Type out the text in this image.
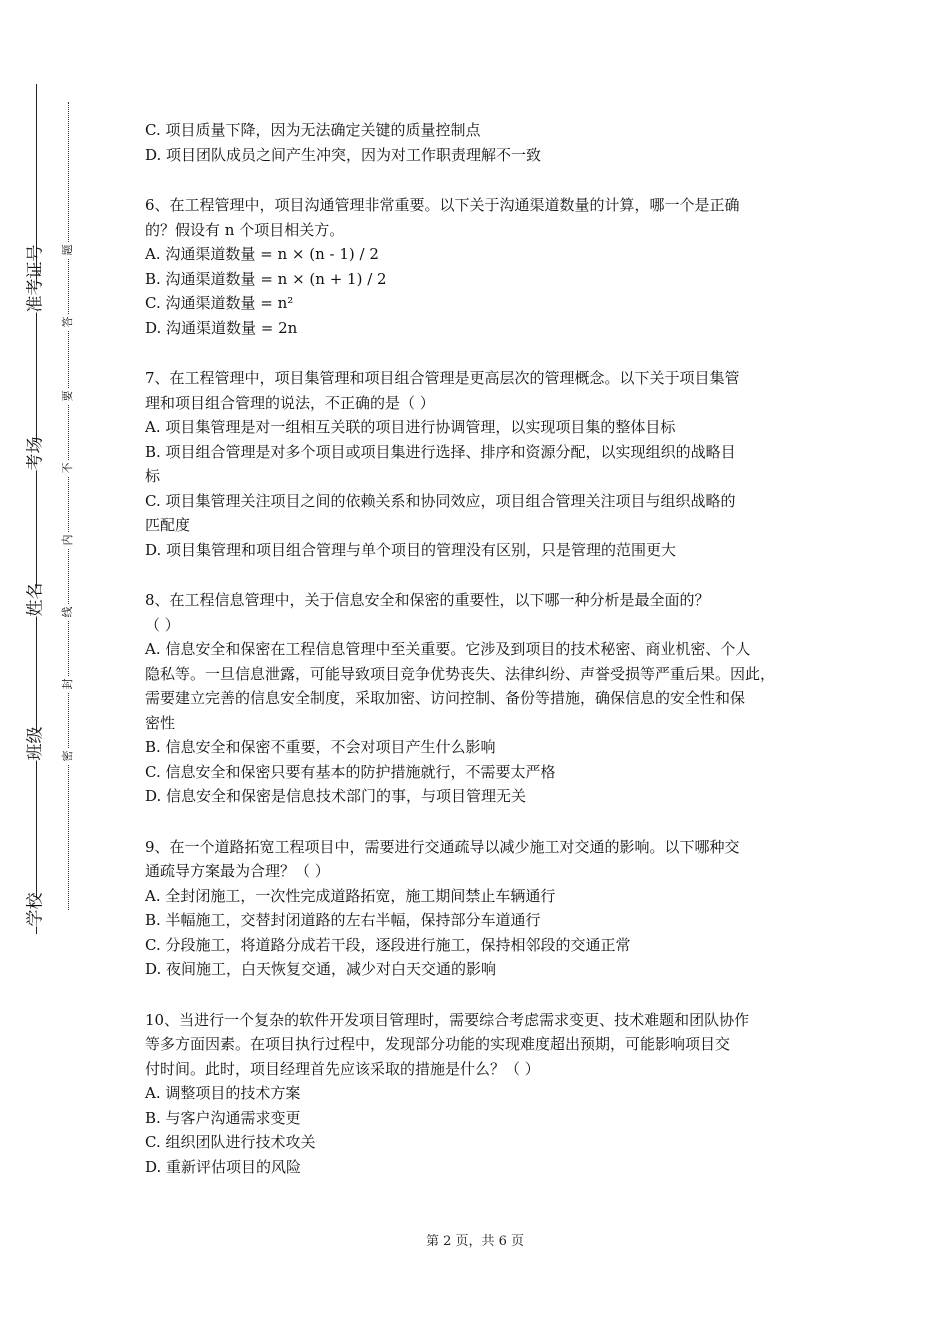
准考证号
考场
姓名
班级
学校
题
答
要
不
内
线
封
密
C. 项目质量下降，因为无法确定关键的质量控制点
D. 项目团队成员之间产生冲突，因为对工作职责理解不一致
6、在工程管理中，项目沟通管理非常重要。以下关于沟通渠道数量的计算，哪一个是正确
的？假设有 n 个项目相关方。
A. 沟通渠道数量 = n × (n - 1) / 2
B. 沟通渠道数量 = n × (n + 1) / 2
C. 沟通渠道数量 = n²
D. 沟通渠道数量 = 2n
7、在工程管理中，项目集管理和项目组合管理是更高层次的管理概念。以下关于项目集管
理和项目组合管理的说法，不正确的是（ ）
A. 项目集管理是对一组相互关联的项目进行协调管理，以实现项目集的整体目标
B. 项目组合管理是对多个项目或项目集进行选择、排序和资源分配，以实现组织的战略目
标
C. 项目集管理关注项目之间的依赖关系和协同效应，项目组合管理关注项目与组织战略的
匹配度
D. 项目集管理和项目组合管理与单个项目的管理没有区别，只是管理的范围更大
8、在工程信息管理中，关于信息安全和保密的重要性，以下哪一种分析是最全面的？
（ ）
A. 信息安全和保密在工程信息管理中至关重要。它涉及到项目的技术秘密、商业机密、个人
隐私等。一旦信息泄露，可能导致项目竞争优势丧失、法律纠纷、声誉受损等严重后果。因此，
需要建立完善的信息安全制度，采取加密、访问控制、备份等措施，确保信息的安全性和保
密性
B. 信息安全和保密不重要，不会对项目产生什么影响
C. 信息安全和保密只要有基本的防护措施就行，不需要太严格
D. 信息安全和保密是信息技术部门的事，与项目管理无关
9、在一个道路拓宽工程项目中，需要进行交通疏导以减少施工对交通的影响。以下哪种交
通疏导方案最为合理？（ ）
A. 全封闭施工，一次性完成道路拓宽，施工期间禁止车辆通行
B. 半幅施工，交替封闭道路的左右半幅，保持部分车道通行
C. 分段施工，将道路分成若干段，逐段进行施工，保持相邻段的交通正常
D. 夜间施工，白天恢复交通，减少对白天交通的影响
10、当进行一个复杂的软件开发项目管理时，需要综合考虑需求变更、技术难题和团队协作
等多方面因素。在项目执行过程中，发现部分功能的实现难度超出预期，可能影响项目交
付时间。此时，项目经理首先应该采取的措施是什么？（ ）
A. 调整项目的技术方案
B. 与客户沟通需求变更
C. 组织团队进行技术攻关
D. 重新评估项目的风险
第 2 页，共 6 页
